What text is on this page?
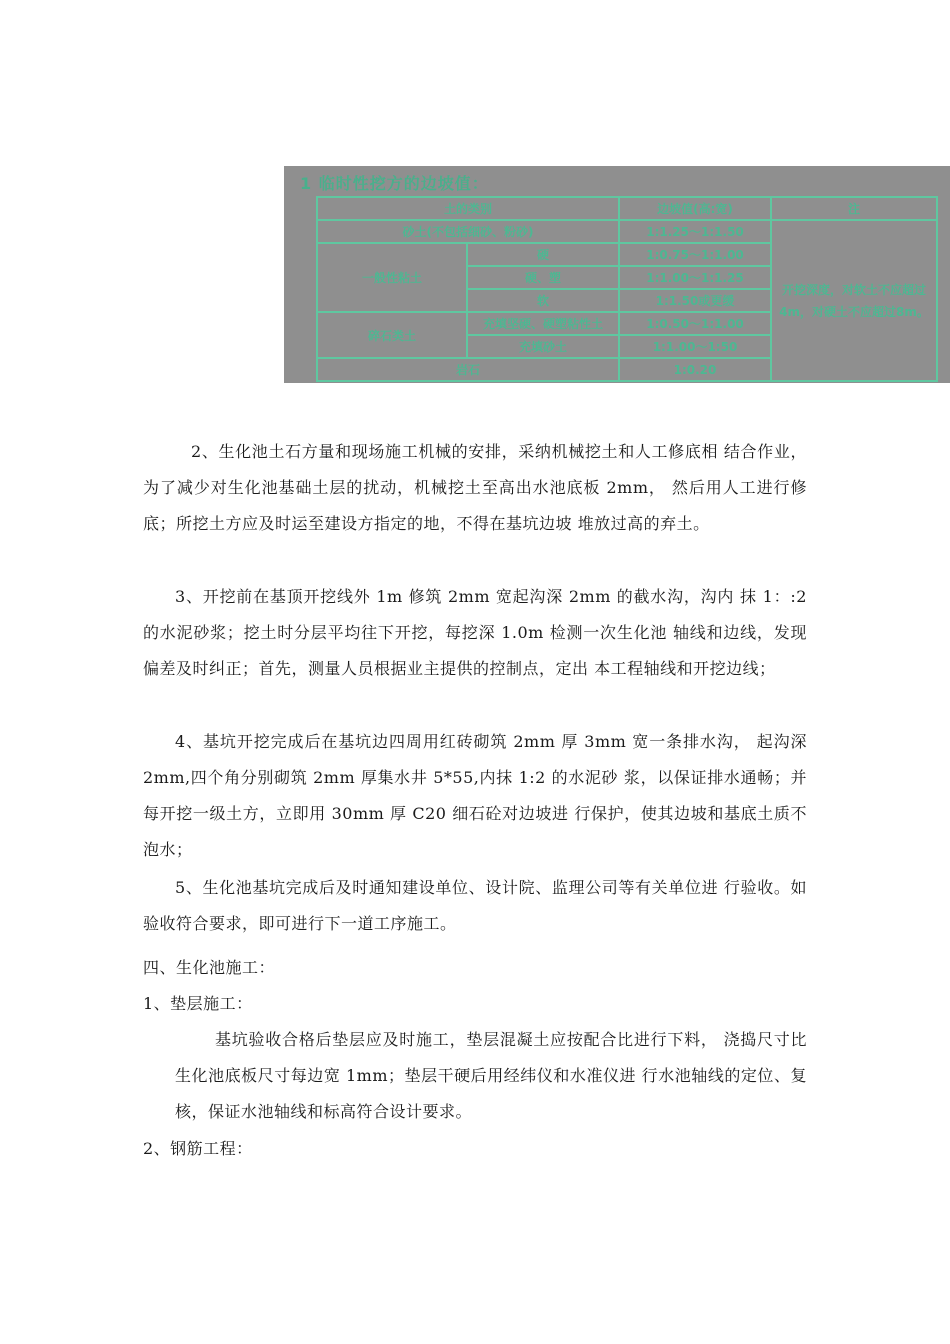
1 临时性挖方的边坡值：
土的类别		边坡值(高:宽)	注
砂土(不包括细砂、粉砂)		1:1.25～1:1.50	开挖深度，对软土不应超过4m，对硬土不应超过8m。
一般性粘土	硬	1:0.75～1:1.00	
	硬、塑	1:1.00～1:1.25	
	软	1:1.50或更缓	
碎石类土	充填坚硬、硬塑粘性土	1:0.50～1:1.00	
	充填砂土	1:1.00～1:50	
岩石		1:0.20	

2、生化池土石方量和现场施工机械的安排，采纳机械挖土和人工修底相 结合作业，为了减少对生化池基础土层的扰动，机械挖土至高出水池底板 2mm， 然后用人工进行修底；所挖土方应及时运至建设方指定的地，不得在基坑边坡 堆放过高的弃土。

3、开挖前在基顶开挖线外 1m 修筑 2mm 宽起沟深 2mm 的截水沟，沟内 抹 1：:2 的水泥砂浆；挖土时分层平均往下开挖，每挖深 1.0m 检测一次生化池 轴线和边线，发现偏差及时纠正；首先，测量人员根据业主提供的控制点，定出 本工程轴线和开挖边线；

4、基坑开挖完成后在基坑边四周用红砖砌筑 2mm 厚 3mm 宽一条排水沟， 起沟深 2mm,四个角分别砌筑 2mm 厚集水井 5*55,内抹 1:2 的水泥砂 浆，以保证排水通畅；并每开挖一级土方，立即用 30mm 厚 C20 细石砼对边坡进 行保护，使其边坡和基底土质不泡水；

5、生化池基坑完成后及时通知建设单位、设计院、监理公司等有关单位进 行验收。如验收符合要求，即可进行下一道工序施工。

四、生化池施工：

1、垫层施工：

基坑验收合格后垫层应及时施工，垫层混凝土应按配合比进行下料， 浇捣尺寸比生化池底板尺寸每边宽 1mm；垫层干硬后用经纬仪和水准仪进 行水池轴线的定位、复核，保证水池轴线和标高符合设计要求。

2、钢筋工程：
